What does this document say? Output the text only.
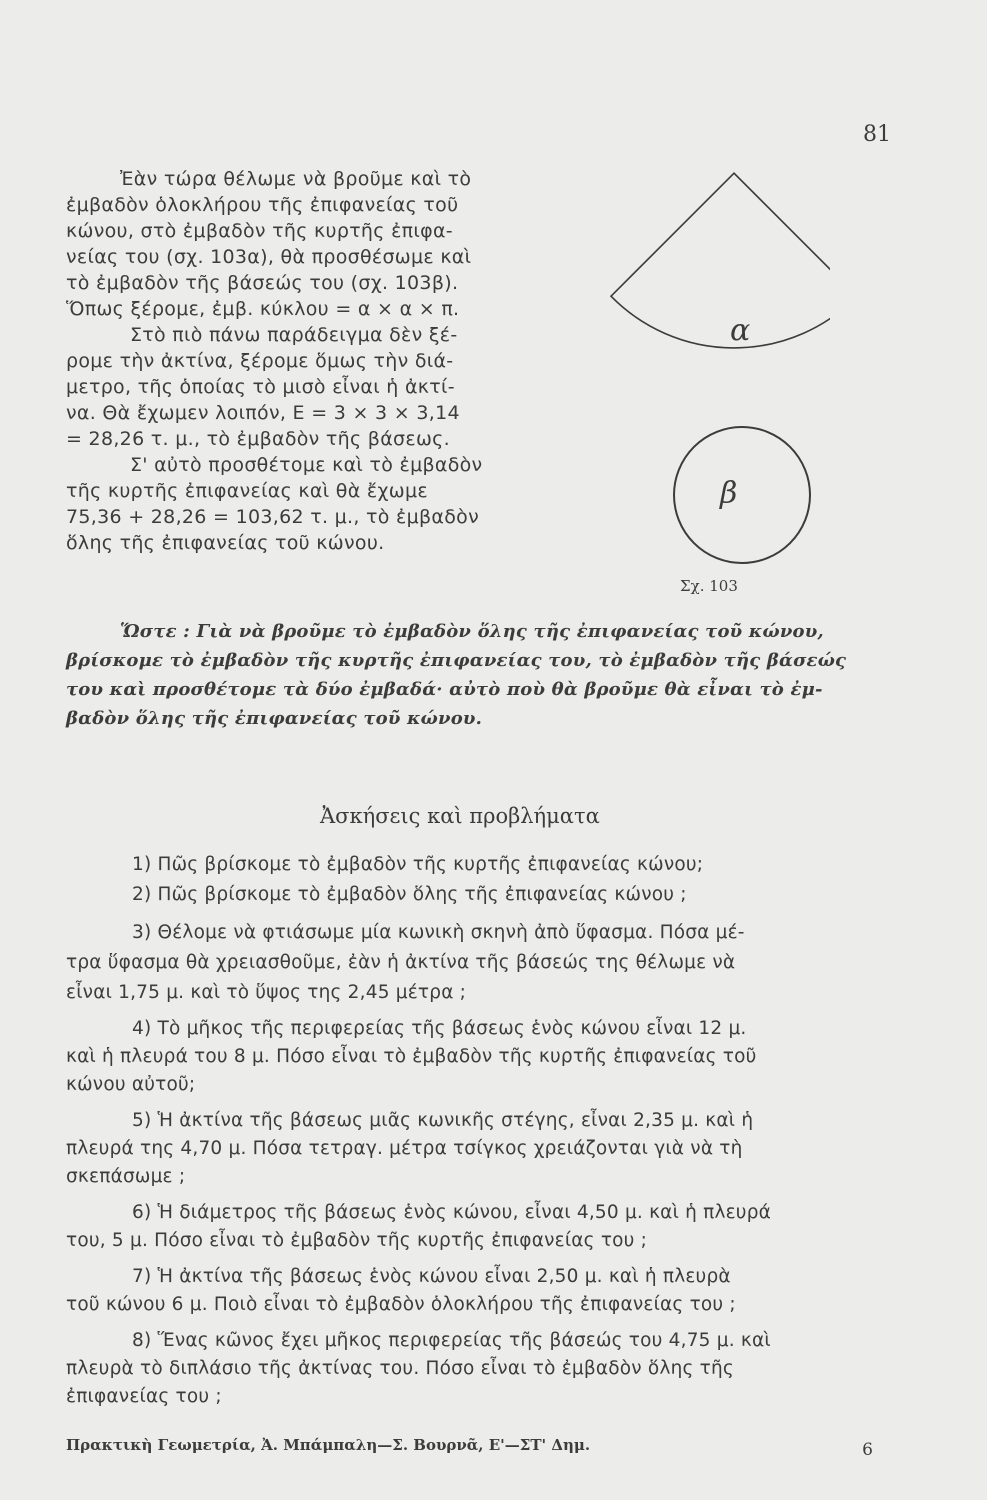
81
Ἐὰν τώρα θέλωμε νὰ βροῦμε καὶ τὸ
ἐμβαδὸν ὁλοκλήρου τῆς ἐπιφανείας τοῦ
κώνου, στὸ ἐμβαδὸν τῆς κυρτῆς ἐπιφα-
νείας του (σχ. 103α), θὰ προσθέσωμε καὶ
τὸ ἐμβαδὸν τῆς βάσεώς του (σχ. 103β).
Ὅπως ξέρομε, ἐμβ. κύκλου = α × α × π.
Στὸ πιὸ πάνω παράδειγμα δὲν ξέ-
ρομε τὴν ἀκτίνα, ξέρομε ὅμως τὴν διά-
μετρο, τῆς ὁποίας τὸ μισὸ εἶναι ἡ ἀκτί-
να. Θὰ ἔχωμεν λοιπόν, Ε = 3 × 3 × 3,14
= 28,26 τ. μ., τὸ ἐμβαδὸν τῆς βάσεως.
Σ' αὐτὸ προσθέτομε καὶ τὸ ἐμβαδὸν
τῆς κυρτῆς ἐπιφανείας καὶ θὰ ἔχωμε
75,36 + 28,26 = 103,62 τ. μ., τὸ ἐμβαδὸν
ὅλης τῆς ἐπιφανείας τοῦ κώνου.
α
β
Σχ. 103
Ὥστε : Γιὰ νὰ βροῦμε τὸ ἐμβαδὸν ὅλης τῆς ἐπιφανείας τοῦ κώνου,
βρίσκομε τὸ ἐμβαδὸν τῆς κυρτῆς ἐπιφανείας του, τὸ ἐμβαδὸν τῆς βάσεώς
του καὶ προσθέτομε τὰ δύο ἐμβαδά· αὐτὸ ποὺ θὰ βροῦμε θὰ εἶναι τὸ ἐμ-
βαδὸν ὅλης τῆς ἐπιφανείας τοῦ κώνου.
Ἀσκήσεις καὶ προβλήματα
1) Πῶς βρίσκομε τὸ ἐμβαδὸν τῆς κυρτῆς ἐπιφανείας κώνου;
2) Πῶς βρίσκομε τὸ ἐμβαδὸν ὅλης τῆς ἐπιφανείας κώνου ;
3) Θέλομε νὰ φτιάσωμε μία κωνικὴ σκηνὴ ἀπὸ ὕφασμα. Πόσα μέ-
τρα ὕφασμα θὰ χρειασθοῦμε, ἐὰν ἡ ἀκτίνα τῆς βάσεώς της θέλωμε νὰ
εἶναι 1,75 μ. καὶ τὸ ὕψος της 2,45 μέτρα ;
4) Τὸ μῆκος τῆς περιφερείας τῆς βάσεως ἑνὸς κώνου εἶναι 12 μ.
καὶ ἡ πλευρά του 8 μ. Πόσο εἶναι τὸ ἐμβαδὸν τῆς κυρτῆς ἐπιφανείας τοῦ
κώνου αὐτοῦ;
5) Ἡ ἀκτίνα τῆς βάσεως μιᾶς κωνικῆς στέγης, εἶναι 2,35 μ. καὶ ἡ
πλευρά της 4,70 μ. Πόσα τετραγ. μέτρα τσίγκος χρειάζονται γιὰ νὰ τὴ
σκεπάσωμε ;
6) Ἡ διάμετρος τῆς βάσεως ἑνὸς κώνου, εἶναι 4,50 μ. καὶ ἡ πλευρά
του, 5 μ. Πόσο εἶναι τὸ ἐμβαδὸν τῆς κυρτῆς ἐπιφανείας του ;
7) Ἡ ἀκτίνα τῆς βάσεως ἑνὸς κώνου εἶναι 2,50 μ. καὶ ἡ πλευρὰ
τοῦ κώνου 6 μ. Ποιὸ εἶναι τὸ ἐμβαδὸν ὁλοκλήρου τῆς ἐπιφανείας του ;
8) Ἕνας κῶνος ἔχει μῆκος περιφερείας τῆς βάσεώς του 4,75 μ. καὶ
πλευρὰ τὸ διπλάσιο τῆς ἀκτίνας του. Πόσο εἶναι τὸ ἐμβαδὸν ὅλης τῆς
ἐπιφανείας του ;
Πρακτικὴ Γεωμετρία, Ἀ. Μπάμπαλη—Σ. Βουρνᾶ, Ε'—ΣΤ' Δημ.	6
